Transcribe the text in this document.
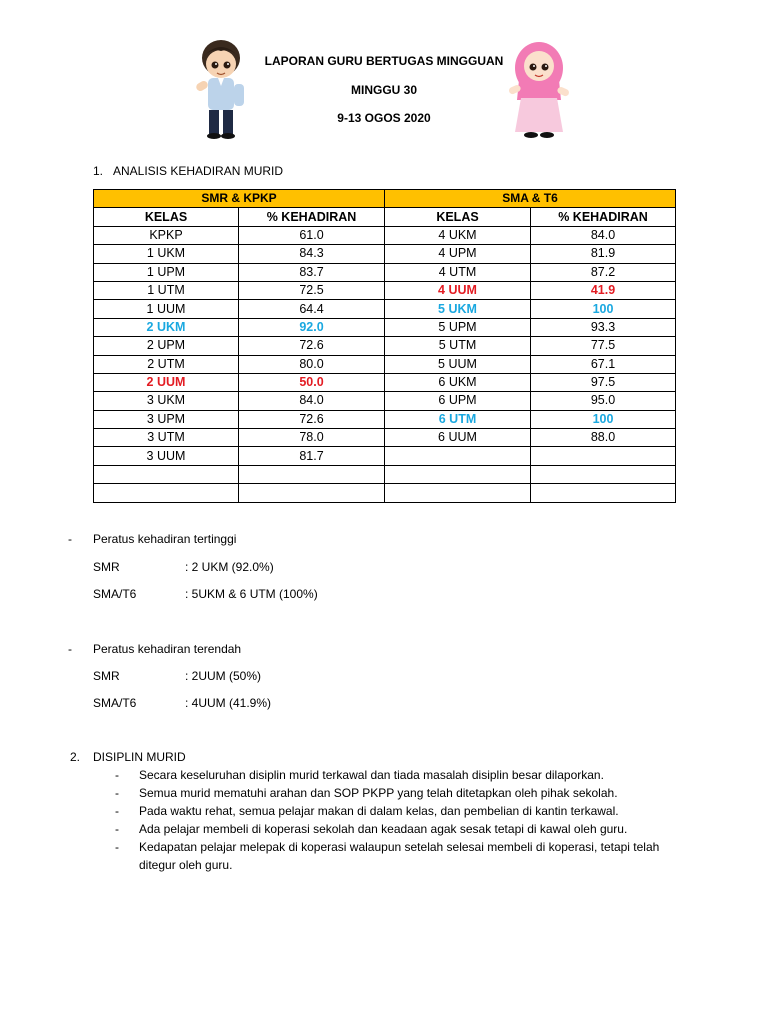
LAPORAN GURU BERTUGAS MINGGUAN
MINGGU 30
9-13 OGOS 2020
1. ANALISIS KEHADIRAN MURID
SMR & KPKP		SMA & T6	
KELAS	% KEHADIRAN	KELAS	% KEHADIRAN
KPKP	61.0	4 UKM	84.0
1 UKM	84.3	4 UPM	81.9
1 UPM	83.7	4 UTM	87.2
1 UTM	72.5	4 UUM	41.9
1 UUM	64.4	5 UKM	100
2 UKM	92.0	5 UPM	93.3
2 UPM	72.6	5 UTM	77.5
2 UTM	80.0	5 UUM	67.1
2 UUM	50.0	6 UKM	97.5
3 UKM	84.0	6 UPM	95.0
3 UPM	72.6	6 UTM	100
3 UTM	78.0	6 UUM	88.0
3 UUM	81.7		

- Peratus kehadiran tertinggi
SMR	: 2 UKM (92.0%)
SMA/T6	: 5UKM & 6 UTM (100%)
- Peratus kehadiran terendah
SMR	: 2UUM (50%)
SMA/T6	: 4UUM (41.9%)
2. DISIPLIN MURID
- Secara keseluruhan disiplin murid terkawal dan tiada masalah disiplin besar dilaporkan.
- Semua murid mematuhi arahan dan SOP PKPP yang telah ditetapkan oleh pihak sekolah.
- Pada waktu rehat, semua pelajar makan di dalam kelas, dan pembelian di kantin terkawal.
- Ada pelajar membeli di koperasi sekolah dan keadaan agak sesak tetapi di kawal oleh guru.
- Kedapatan pelajar melepak di koperasi walaupun setelah selesai membeli di koperasi, tetapi telah ditegur oleh guru.
